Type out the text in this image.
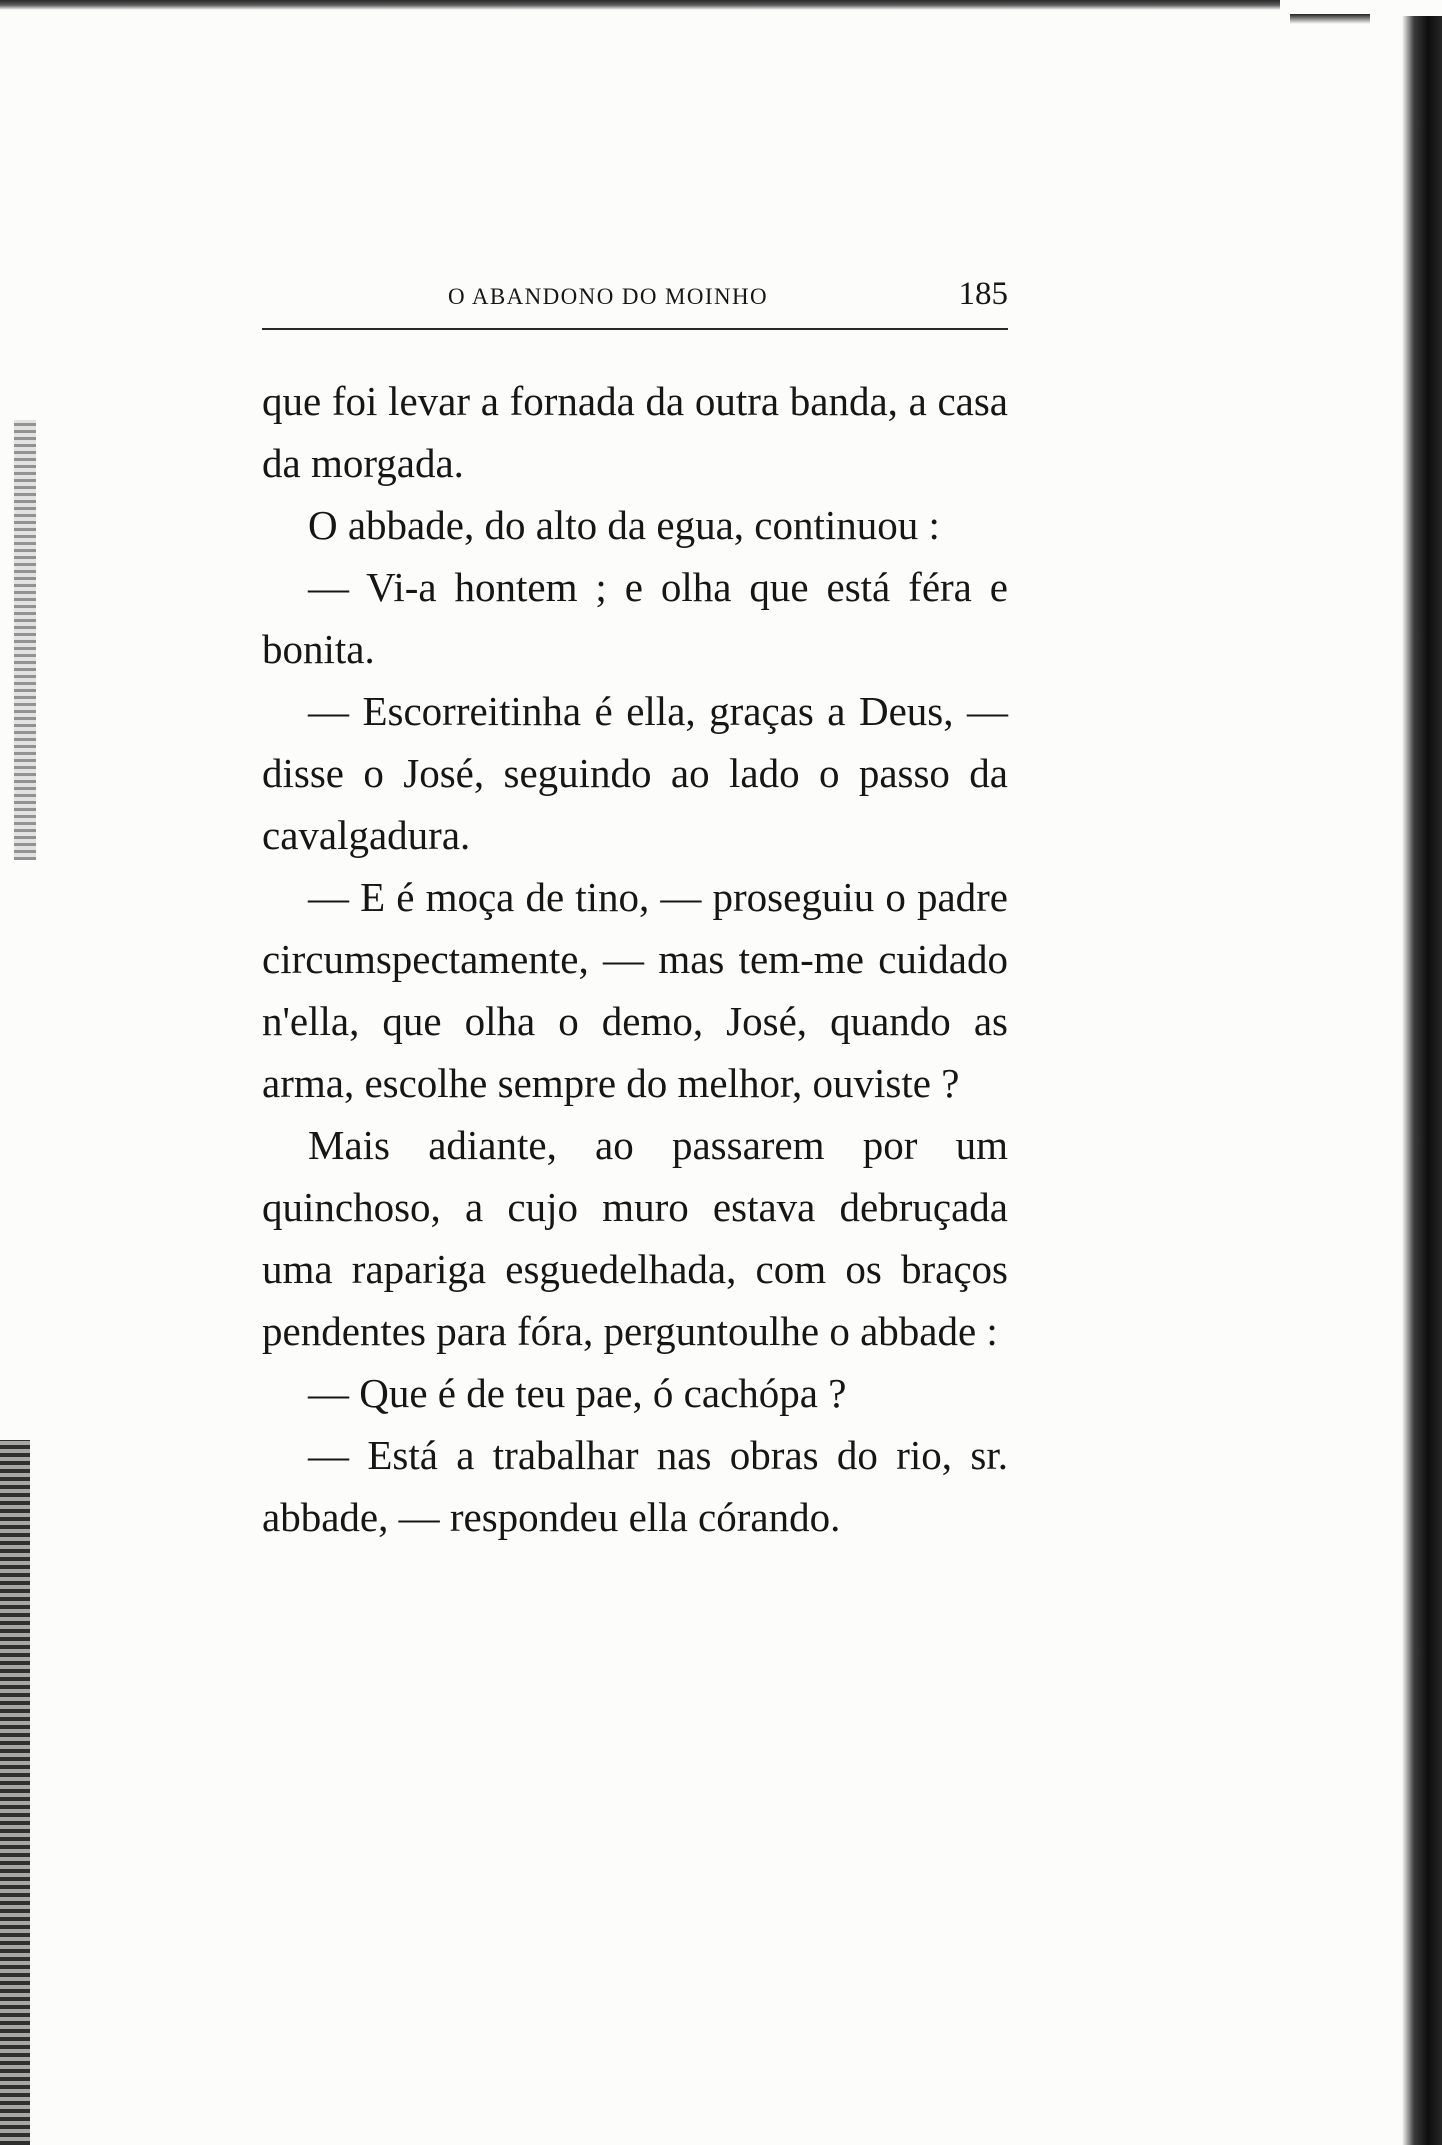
O ABANDONO DO MOINHO	185

que foi levar a fornada da outra banda, a casa da morgada.

O abbade, do alto da egua, continuou :

— Vi-a hontem ; e olha que está féra e bonita.

— Escorreitinha é ella, graças a Deus, — disse o José, seguindo ao lado o passo da cavalgadura.

— E é moça de tino, — proseguiu o padre circumspectamente, — mas tem-me cuidado n'ella, que olha o demo, José, quando as arma, escolhe sempre do melhor, ouviste ?

Mais adiante, ao passarem por um quinchoso, a cujo muro estava debruçada uma rapariga esguedelhada, com os braços pendentes para fóra, perguntoulhe o abbade :

— Que é de teu pae, ó cachópa ?

— Está a trabalhar nas obras do rio, sr. abbade, — respondeu ella córando.
